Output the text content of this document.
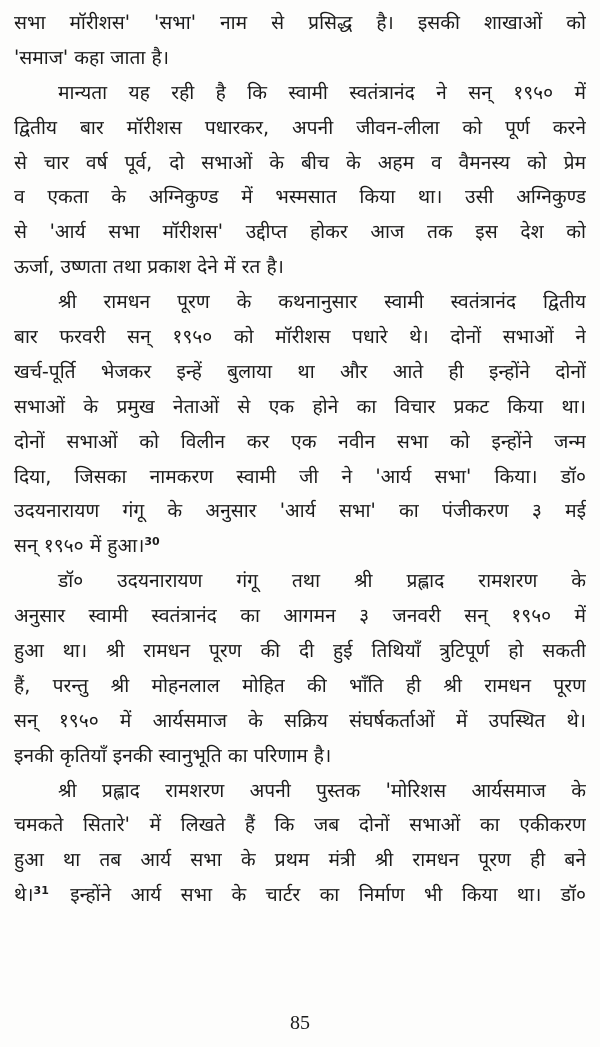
सभा मॉरीशस' 'सभा' नाम से प्रसिद्ध है। इसकी शाखाओं को
'समाज' कहा जाता है।

मान्यता यह रही है कि स्वामी स्वतंत्रानंद ने सन् १९५० में
द्वितीय बार मॉरीशस पधारकर, अपनी जीवन-लीला को पूर्ण करने
से चार वर्ष पूर्व, दो सभाओं के बीच के अहम व वैमनस्य को प्रेम
व एकता के अग्निकुण्ड में भस्मसात किया था। उसी अग्निकुण्ड
से 'आर्य सभा मॉरीशस' उद्दीप्त होकर आज तक इस देश को
ऊर्जा, उष्णता तथा प्रकाश देने में रत है।

श्री रामधन पूरण के कथनानुसार स्वामी स्वतंत्रानंद द्वितीय
बार फरवरी सन् १९५० को मॉरीशस पधारे थे। दोनों सभाओं ने
खर्च-पूर्ति भेजकर इन्हें बुलाया था और आते ही इन्होंने दोनों
सभाओं के प्रमुख नेताओं से एक होने का विचार प्रकट किया था।
दोनों सभाओं को विलीन कर एक नवीन सभा को इन्होंने जन्म
दिया, जिसका नामकरण स्वामी जी ने 'आर्य सभा' किया। डॉ०
उदयनारायण गंगू के अनुसार 'आर्य सभा' का पंजीकरण ३ मई
सन् १९५० में हुआ।$^{30}$

डॉ० उदयनारायण गंगू तथा श्री प्रह्लाद रामशरण के
अनुसार स्वामी स्वतंत्रानंद का आगमन ३ जनवरी सन् १९५० में
हुआ था। श्री रामधन पूरण की दी हुई तिथियाँ त्रुटिपूर्ण हो सकती
हैं, परन्तु श्री मोहनलाल मोहित की भाँति ही श्री रामधन पूरण
सन् १९५० में आर्यसमाज के सक्रिय संघर्षकर्ताओं में उपस्थित थे।
इनकी कृतियाँ इनकी स्वानुभूति का परिणाम है।

श्री प्रह्लाद रामशरण अपनी पुस्तक 'मोरिशस आर्यसमाज के
चमकते सितारे' में लिखते हैं कि जब दोनों सभाओं का एकीकरण
हुआ था तब आर्य सभा के प्रथम मंत्री श्री रामधन पूरण ही बने
थे।$^{31}$ इन्होंने आर्य सभा के चार्टर का निर्माण भी किया था। डॉ०

85
